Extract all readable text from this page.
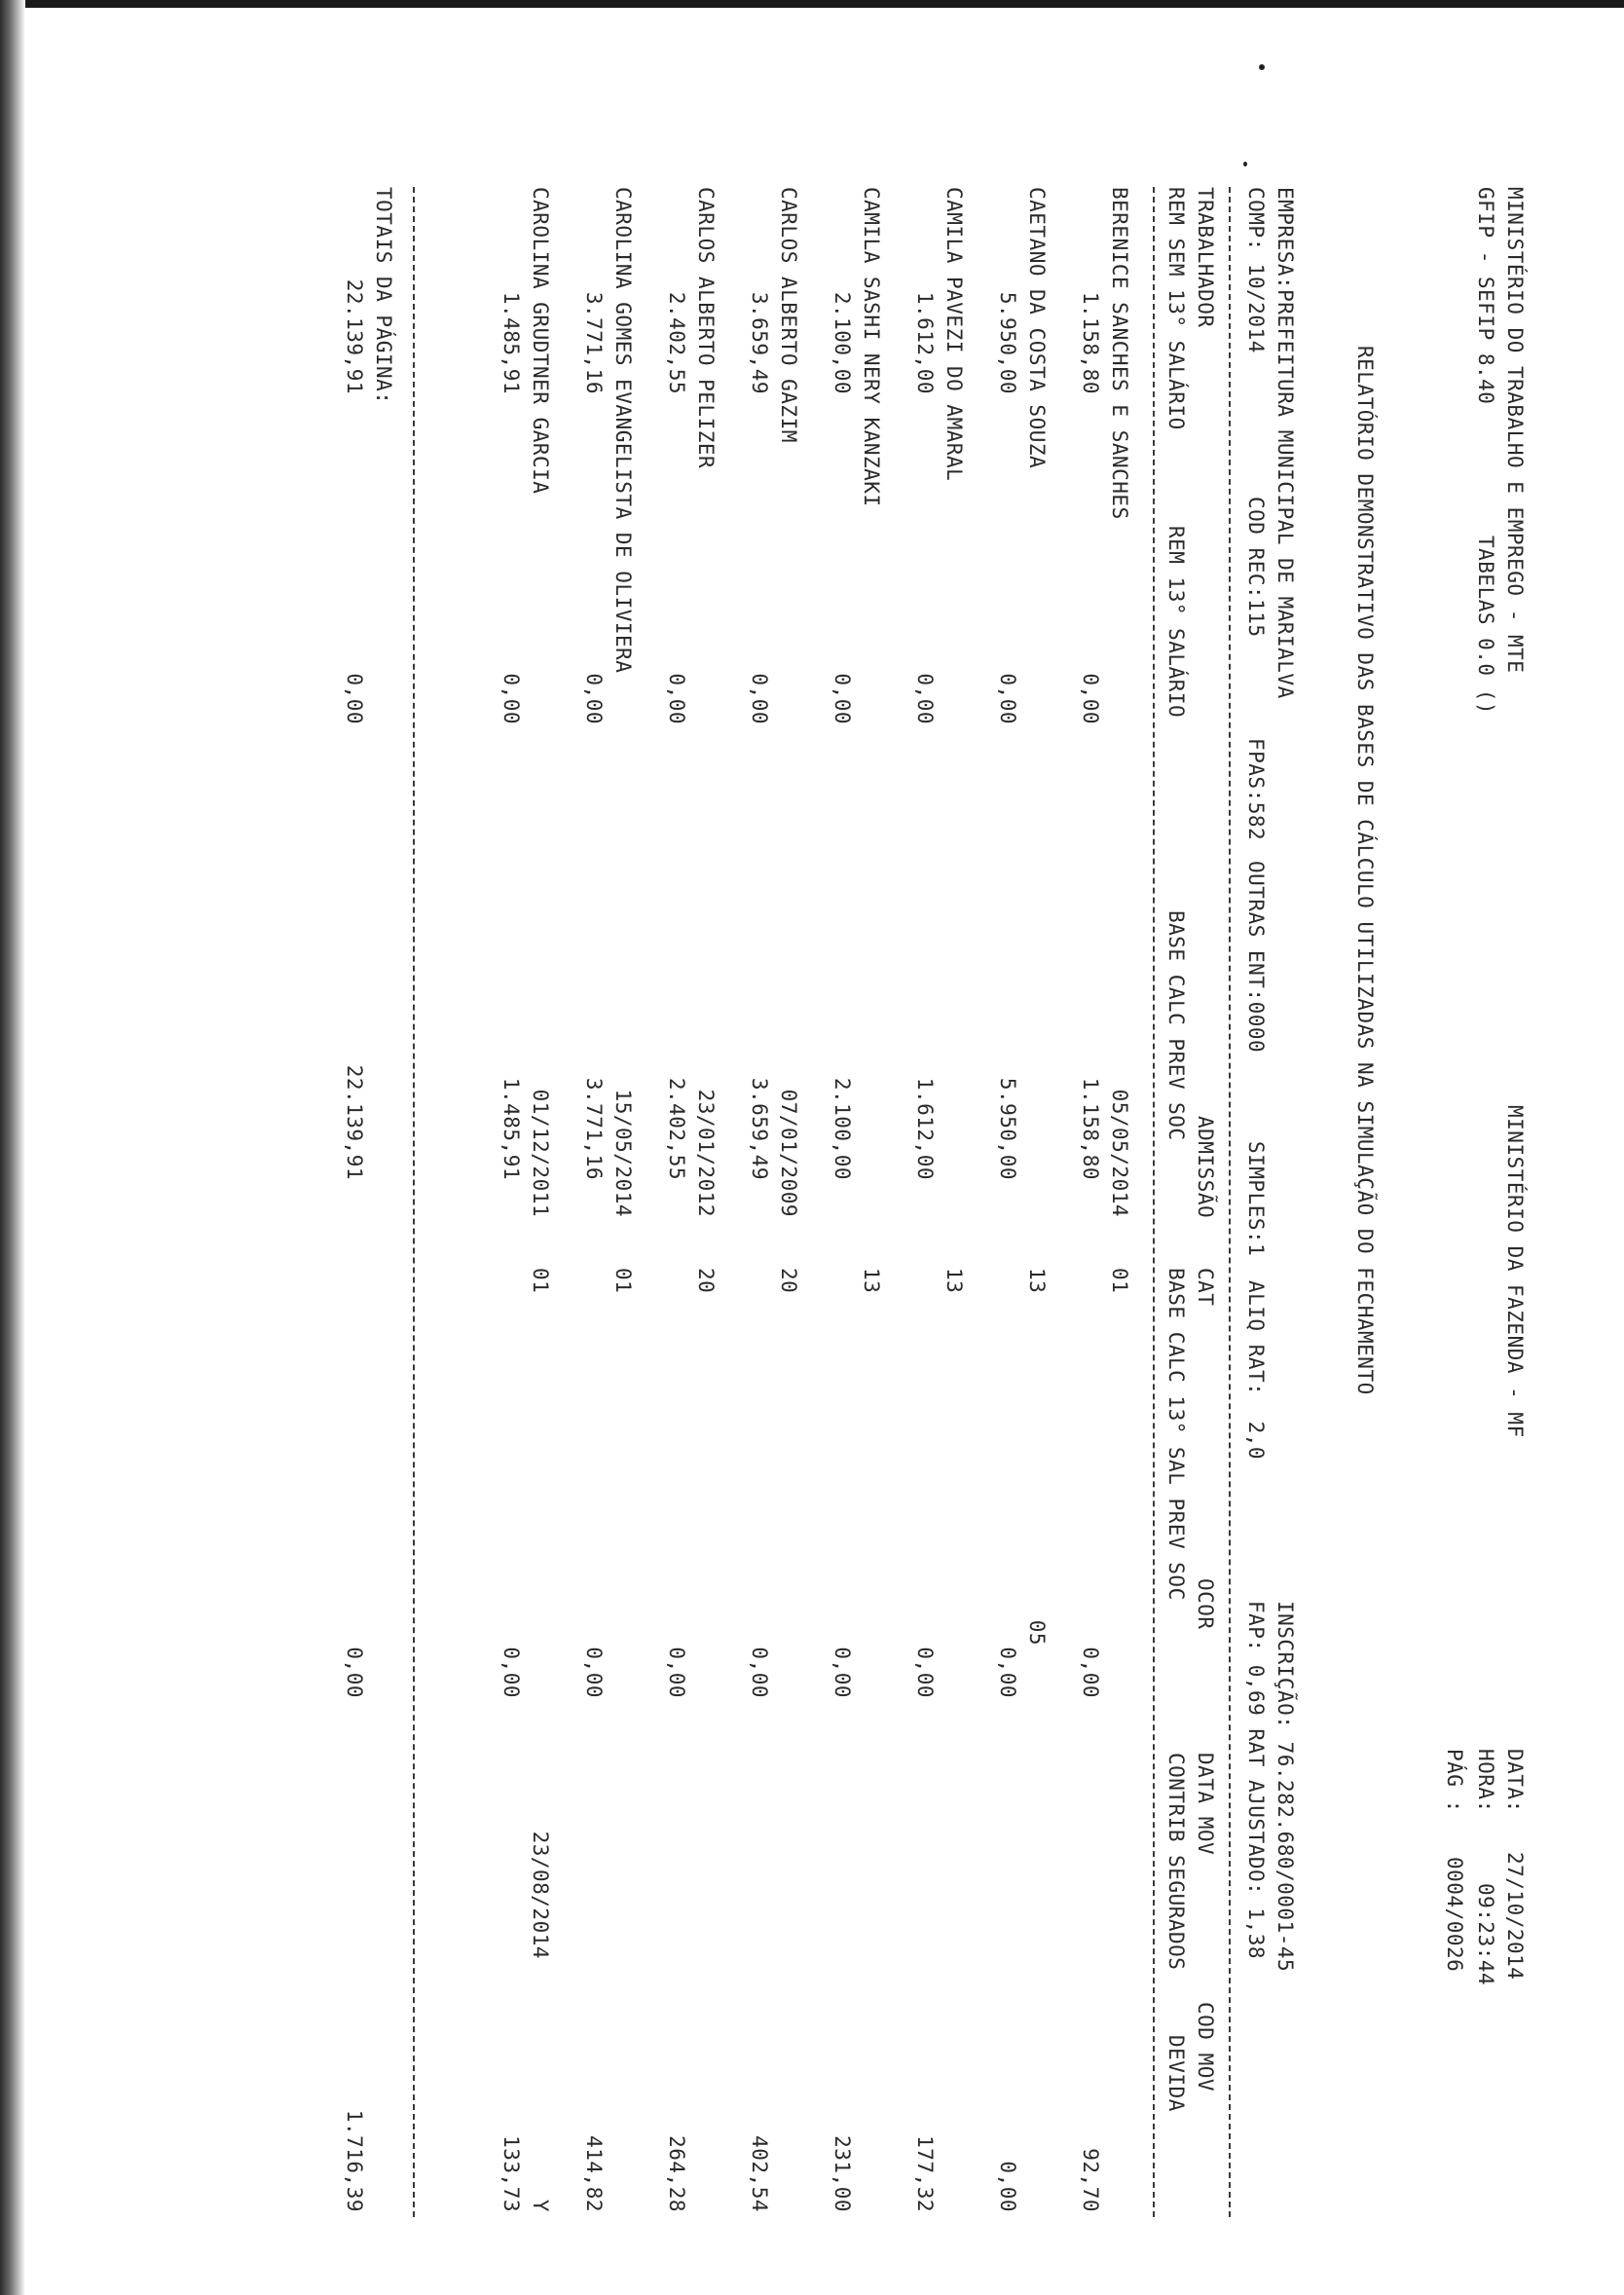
MINISTÉRIO DO TRABALHO E EMPREGO - MTE
MINISTÉRIO DA FAZENDA - MF
DATA:
27/10/2014
GFIP - SEFIP 8.40
TABELAS 0.0 ()
HORA:
09:23:44
PÁG :
0004/0026
RELATÓRIO DEMONSTRATIVO DAS BASES DE CÁLCULO UTILIZADAS NA SIMULAÇÃO DO FECHAMENTO
EMPRESA:PREFEITURA MUNICIPAL DE MARIALVA
INSCRIÇÃO: 76.282.680/0001-45
COMP: 10/2014
COD REC:115
FPAS:582
OUTRAS ENT:0000
SIMPLES:1
ALIQ RAT:  2,0
FAP: 0,69 RAT AJUSTADO: 1,38
TRABALHADOR
ADMISSÃO
CAT
OCOR
DATA MOV
COD MOV
REM SEM 13° SALÁRIO
REM 13° SALÁRIO
BASE CALC PREV SOC
BASE CALC 13° SAL PREV SOC
CONTRIB SEGURADOS
DEVIDA
BERENICE SANCHES E SANCHES
05/05/2014
01
1.158,80
0,00
1.158,80
0,00
92,70
CAETANO DA COSTA SOUZA
13
05
5.950,00
0,00
5.950,00
0,00
0,00
CAMILA PAVEZI DO AMARAL
13
1.612,00
0,00
1.612,00
0,00
177,32
CAMILA SASHI NERY KANZAKI
13
2.100,00
0,00
2.100,00
0,00
231,00
CARLOS ALBERTO GAZIM
07/01/2009
20
3.659,49
0,00
3.659,49
0,00
402,54
CARLOS ALBERTO PELIZER
23/01/2012
20
2.402,55
0,00
2.402,55
0,00
264,28
CAROLINA GOMES EVANGELISTA DE OLIVIERA
15/05/2014
01
3.771,16
0,00
3.771,16
0,00
414,82
CAROLINA GRUDTNER GARCIA
01/12/2011
01
23/08/2014
Y
1.485,91
0,00
1.485,91
0,00
133,73
TOTAIS DA PÁGINA:
22.139,91
0,00
22.139,91
0,00
1.716,39
